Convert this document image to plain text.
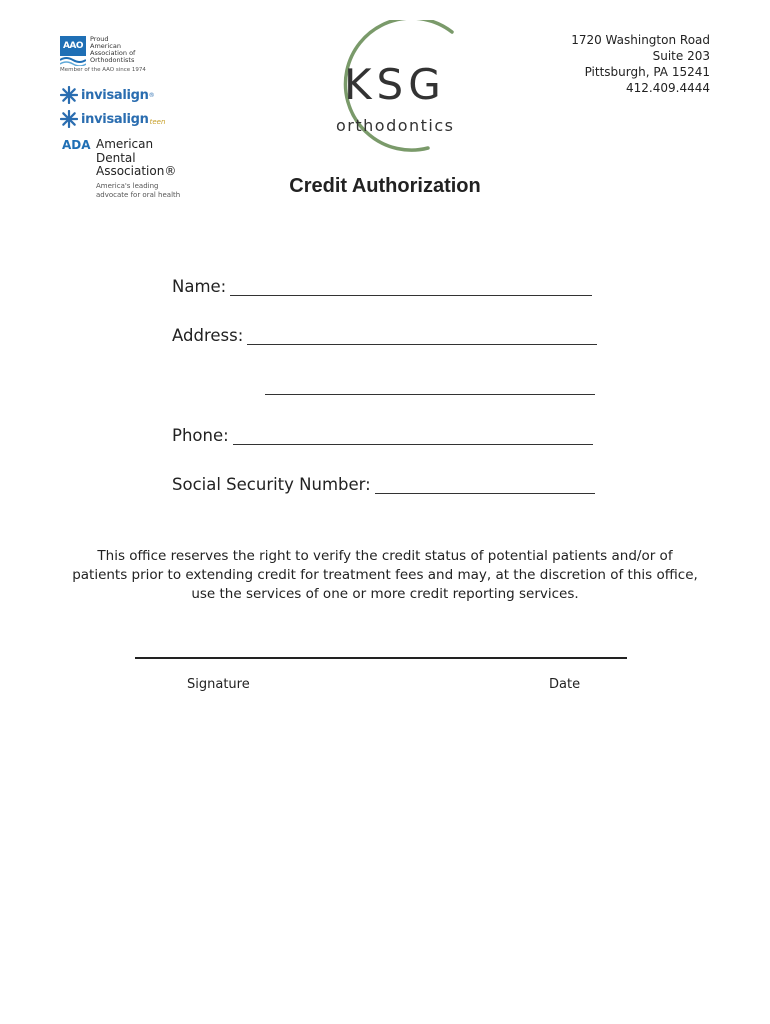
AAO
Proud
American
Association of
Orthodontists
Member of the AAO since 1974
invisalign ®
invisalign teen
ADA American
Dental
Association®
America's leading
advocate for oral health
KSG
orthodontics
1720 Washington Road
Suite 203
Pittsburgh, PA 15241
412.409.4444
Credit Authorization
Name:
Address:
Phone:
Social Security Number:
This office reserves the right to verify the credit status of potential patients and/or of patients prior to extending credit for treatment fees and may, at the discretion of this office, use the services of one or more credit reporting services.
Signature	Date
